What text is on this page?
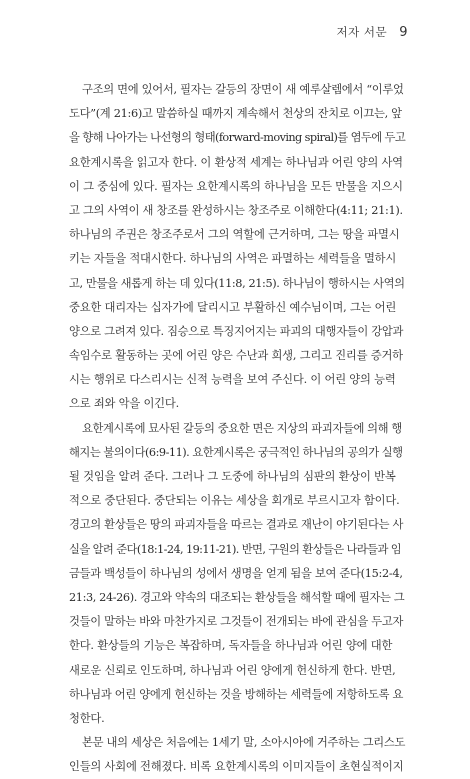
저자 서문 9
구조의 면에 있어서, 필자는 갈등의 장면이 새 예루살렘에서 “이루었
도다”(계 21:6)고 말씀하실 때까지 계속해서 천상의 잔치로 이끄는, 앞
을 향해 나아가는 나선형의 형태(forward-moving spiral)를 염두에 두고
요한계시록을 읽고자 한다. 이 환상적 세계는 하나님과 어린 양의 사역
이 그 중심에 있다. 필자는 요한계시록의 하나님을 모든 만물을 지으시
고 그의 사역이 새 창조를 완성하시는 창조주로 이해한다(4:11; 21:1).
하나님의 주권은 창조주로서 그의 역할에 근거하며, 그는 땅을 파멸시
키는 자들을 적대시한다. 하나님의 사역은 파멸하는 세력들을 멸하시
고, 만물을 새롭게 하는 데 있다(11:8, 21:5). 하나님이 행하시는 사역의
중요한 대리자는 십자가에 달리시고 부활하신 예수님이며, 그는 어린
양으로 그려져 있다. 짐승으로 특징지어지는 파괴의 대행자들이 강압과
속임수로 활동하는 곳에 어린 양은 수난과 희생, 그리고 진리를 증거하
시는 행위로 다스리시는 신적 능력을 보여 주신다. 이 어린 양의 능력
으로 죄와 악을 이긴다.
요한계시록에 묘사된 갈등의 중요한 면은 지상의 파괴자들에 의해 행
해지는 불의이다(6:9-11). 요한계시록은 궁극적인 하나님의 공의가 실행
될 것임을 알려 준다. 그러나 그 도중에 하나님의 심판의 환상이 반복
적으로 중단된다. 중단되는 이유는 세상을 회개로 부르시고자 함이다.
경고의 환상들은 땅의 파괴자들을 따르는 결과로 재난이 야기된다는 사
실을 알려 준다(18:1-24, 19:11-21). 반면, 구원의 환상들은 나라들과 임
금들과 백성들이 하나님의 성에서 생명을 얻게 됨을 보여 준다(15:2-4,
21:3, 24-26). 경고와 약속의 대조되는 환상들을 해석할 때에 필자는 그
것들이 말하는 바와 마찬가지로 그것들이 전개되는 바에 관심을 두고자
한다. 환상들의 기능은 복잡하며, 독자들을 하나님과 어린 양에 대한
새로운 신뢰로 인도하며, 하나님과 어린 양에게 헌신하게 한다. 반면,
하나님과 어린 양에게 헌신하는 것을 방해하는 세력들에 저항하도록 요
청한다.
본문 내의 세상은 처음에는 1세기 말, 소아시아에 거주하는 그리스도
인들의 사회에 전해졌다. 비록 요한계시록의 이미지들이 초현실적이지
